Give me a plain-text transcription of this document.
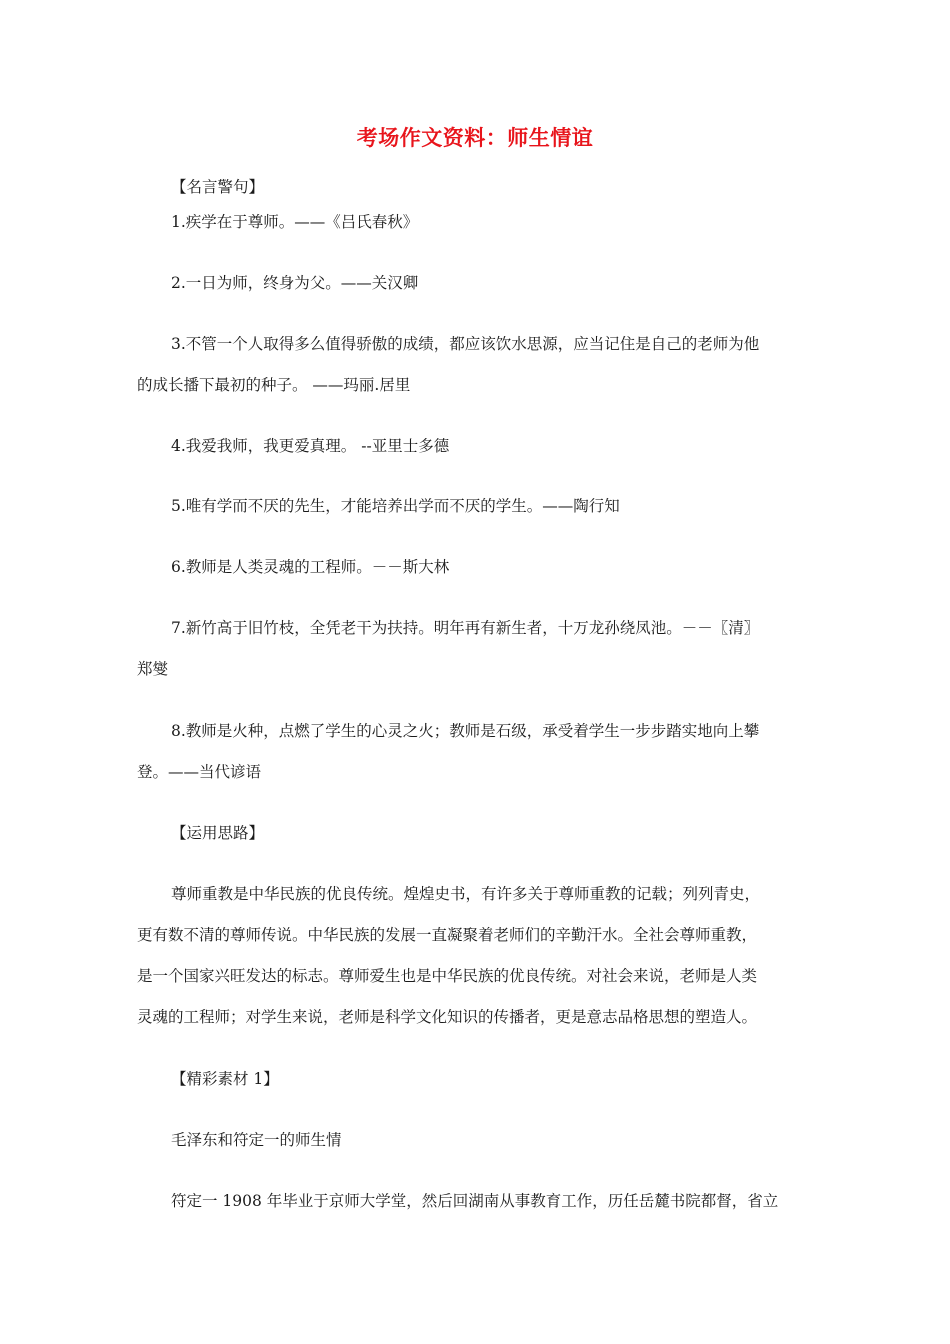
考场作文资料：师生情谊
【名言警句】
1.疾学在于尊师。——《吕氏春秋》
2.一日为师，终身为父。——关汉卿
3.不管一个人取得多么值得骄傲的成绩，都应该饮水思源，应当记住是自己的老师为他
的成长播下最初的种子。 ——玛丽.居里
4.我爱我师，我更爱真理。 --亚里士多德
5.唯有学而不厌的先生，才能培养出学而不厌的学生。——陶行知
6.教师是人类灵魂的工程师。－－斯大林
7.新竹高于旧竹枝，全凭老干为扶持。明年再有新生者，十万龙孙绕凤池。－－〖清〗
郑燮
8.教师是火种，点燃了学生的心灵之火；教师是石级，承受着学生一步步踏实地向上攀
登。——当代谚语
【运用思路】
尊师重教是中华民族的优良传统。煌煌史书，有许多关于尊师重教的记载；列列青史，
更有数不清的尊师传说。中华民族的发展一直凝聚着老师们的辛勤汗水。全社会尊师重教，
是一个国家兴旺发达的标志。尊师爱生也是中华民族的优良传统。对社会来说，老师是人类
灵魂的工程师；对学生来说，老师是科学文化知识的传播者，更是意志品格思想的塑造人。
【精彩素材 1】
毛泽东和符定一的师生情
符定一 1908 年毕业于京师大学堂，然后回湖南从事教育工作，历任岳麓书院都督，省立
